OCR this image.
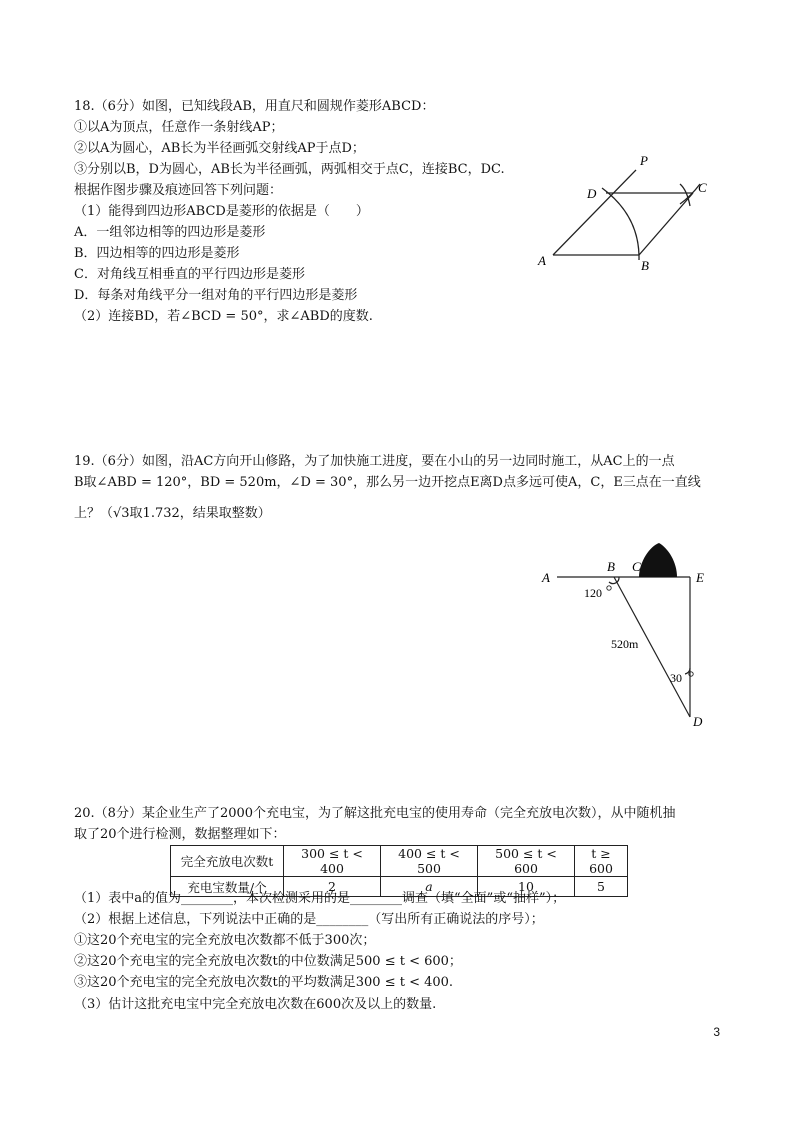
18.（6分）如图，已知线段AB，用直尺和圆规作菱形ABCD：
①以A为顶点，任意作一条射线AP；
②以A为圆心，AB长为半径画弧交射线AP于点D；
③分别以B，D为圆心，AB长为半径画弧，两弧相交于点C，连接BC，DC.
根据作图步骤及痕迹回答下列问题：
（1）能得到四边形ABCD是菱形的依据是（　　）
A．一组邻边相等的四边形是菱形
B．四边相等的四边形是菱形
C．对角线互相垂直的平行四边形是菱形
D．每条对角线平分一组对角的平行四边形是菱形
（2）连接BD，若∠BCD = 50°，求∠ABD的度数.
P
D	C
A	B
19.（6分）如图，沿AC方向开山修路，为了加快施工进度，要在小山的另一边同时施工，从AC上的一点
B取∠ABD = 120°，BD = 520m，∠D = 30°，那么另一边开挖点E离D点多远可使A，C，E三点在一直线
上？（√3取1.732，结果取整数）
A
B C
E
D
120
520m
30
20.（8分）某企业生产了2000个充电宝，为了解这批充电宝的使用寿命（完全充放电次数），从中随机抽
取了20个进行检测，数据整理如下：
完全充放电次数t	300 ≤ t < 400	400 ≤ t < 500	500 ≤ t < 600	t ≥ 600
充电宝数量/个	2	a	10	5
（1）表中a的值为________，本次检测采用的是________调查（填“全面”或“抽样”）；
（2）根据上述信息，下列说法中正确的是________（写出所有正确说法的序号）；
①这20个充电宝的完全充放电次数都不低于300次；
②这20个充电宝的完全充放电次数t的中位数满足500 ≤ t < 600；
③这20个充电宝的完全充放电次数t的平均数满足300 ≤ t < 400.
（3）估计这批充电宝中完全充放电次数在600次及以上的数量.
3
